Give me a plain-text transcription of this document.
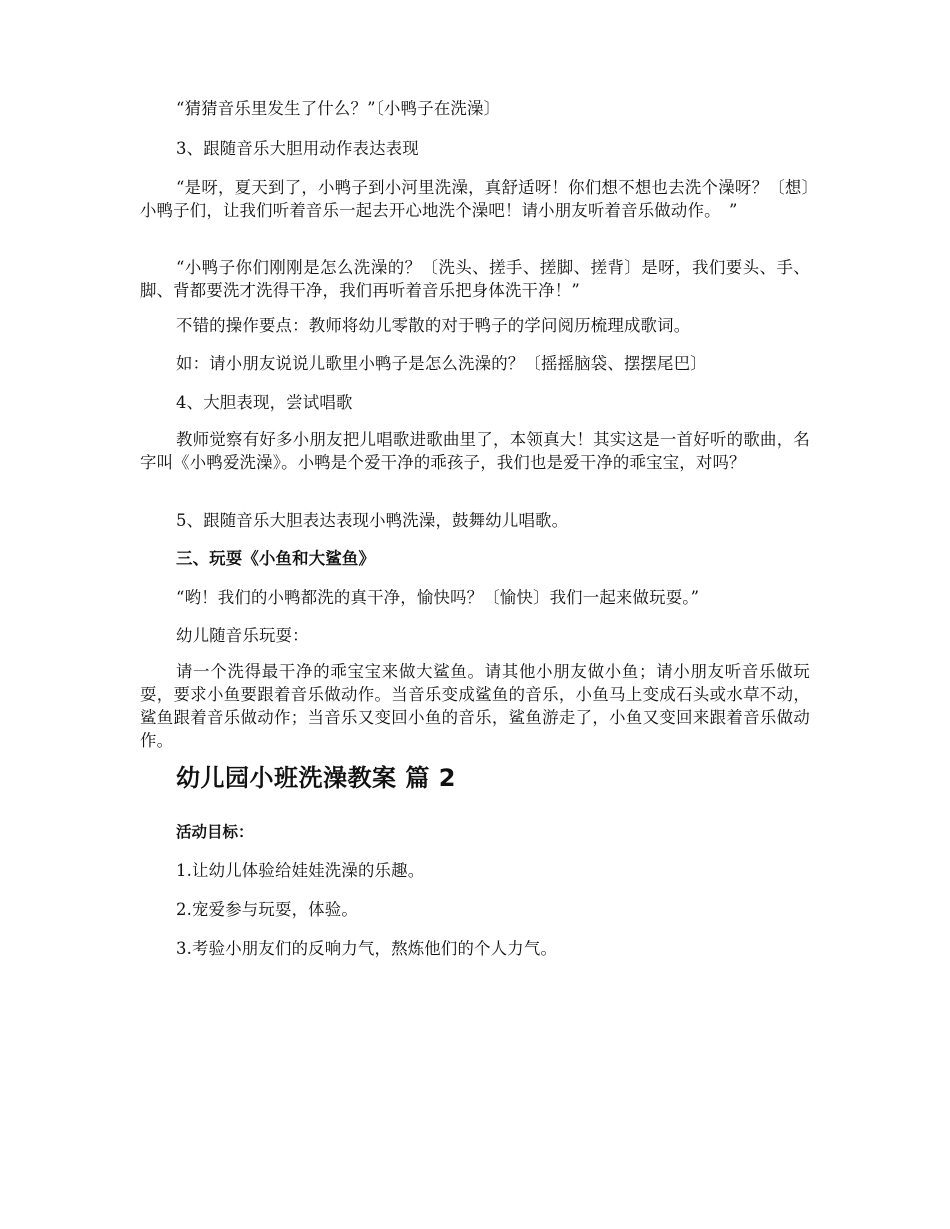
“猜猜音乐里发生了什么？”〔小鸭子在洗澡〕

3、跟随音乐大胆用动作表达表现

“是呀，夏天到了，小鸭子到小河里洗澡，真舒适呀！你们想不想也去洗个澡呀？〔想〕小鸭子们，让我们听着音乐一起去开心地洗个澡吧！请小朋友听着音乐做动作。　”

“小鸭子你们刚刚是怎么洗澡的？〔洗头、搓手、搓脚、搓背〕是呀，我们要头、手、脚、背都要洗才洗得干净，我们再听着音乐把身体洗干净！”

不错的操作要点：教师将幼儿零散的对于鸭子的学问阅历梳理成歌词。

如：请小朋友说说儿歌里小鸭子是怎么洗澡的？〔摇摇脑袋、摆摆尾巴〕

4、大胆表现，尝试唱歌

教师觉察有好多小朋友把儿唱歌进歌曲里了，本领真大！其实这是一首好听的歌曲，名字叫《小鸭爱洗澡》。小鸭是个爱干净的乖孩子，我们也是爱干净的乖宝宝，对吗？

5、跟随音乐大胆表达表现小鸭洗澡，鼓舞幼儿唱歌。

三、玩耍《小鱼和大鲨鱼》

“哟！我们的小鸭都洗的真干净，愉快吗？〔愉快〕我们一起来做玩耍。”

幼儿随音乐玩耍：

请一个洗得最干净的乖宝宝来做大鲨鱼。请其他小朋友做小鱼；请小朋友听音乐做玩耍，要求小鱼要跟着音乐做动作。当音乐变成鲨鱼的音乐，小鱼马上变成石头或水草不动，鲨鱼跟着音乐做动作；当音乐又变回小鱼的音乐，鲨鱼游走了，小鱼又变回来跟着音乐做动作。

幼儿园小班洗澡教案 篇 2

活动目标：

1.让幼儿体验给娃娃洗澡的乐趣。

2.宠爱参与玩耍，体验。

3.考验小朋友们的反响力气，熬炼他们的个人力气。
